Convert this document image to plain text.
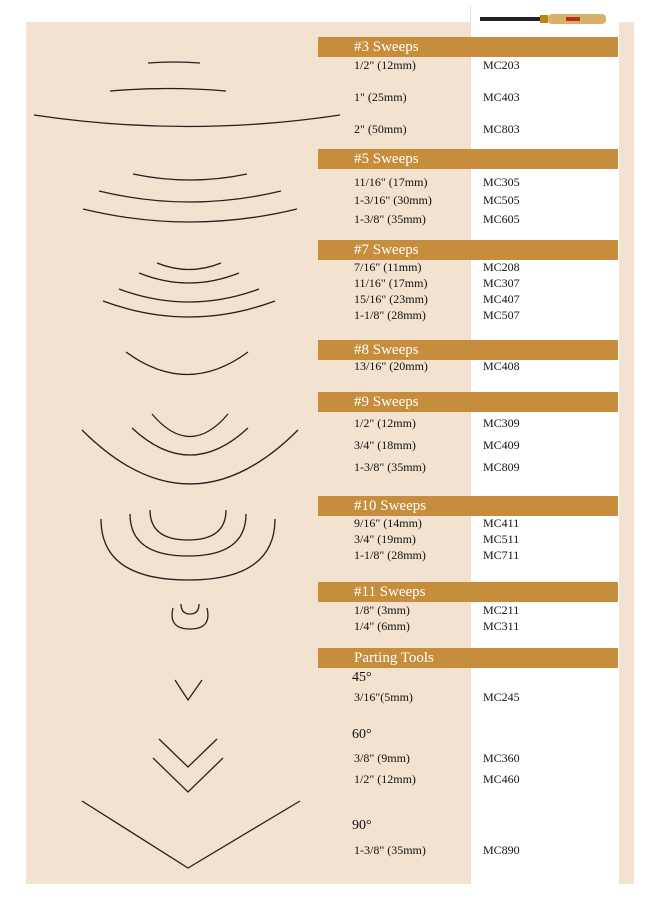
#3 Sweeps
1/2" (12mm)	MC203
1" (25mm)	MC403
2" (50mm)	MC803
#5 Sweeps
11/16" (17mm)	MC305
1-3/16" (30mm)	MC505
1-3/8" (35mm)	MC605
#7 Sweeps
7/16" (11mm)	MC208
11/16" (17mm)	MC307
15/16" (23mm)	MC407
1-1/8" (28mm)	MC507
#8 Sweeps
13/16" (20mm)	MC408
#9 Sweeps
1/2" (12mm)	MC309
3/4" (18mm)	MC409
1-3/8" (35mm)	MC809
#10 Sweeps
9/16" (14mm)	MC411
3/4" (19mm)	MC511
1-1/8" (28mm)	MC711
#11 Sweeps
1/8" (3mm)	MC211
1/4" (6mm)	MC311
Parting Tools
45°
3/16"(5mm)	MC245
60°
3/8" (9mm)	MC360
1/2" (12mm)	MC460
90°
1-3/8" (35mm)	MC890
